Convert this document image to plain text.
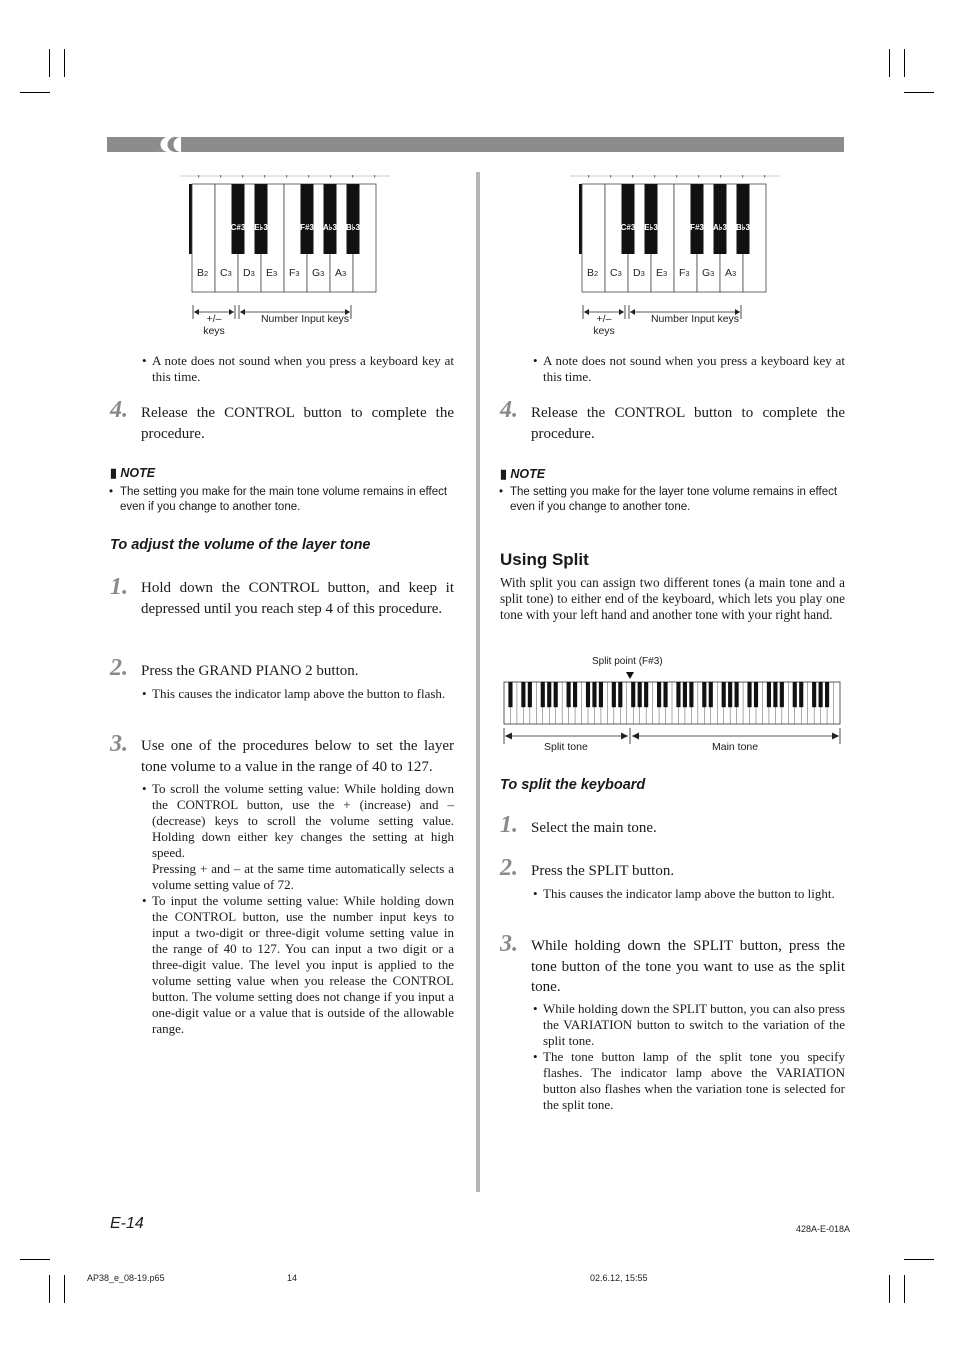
B2 C3 D3 E3 F3 G3 A3
C#3 E♭3	F#3 A♭3 B♭3
+/–
keys
Number Input keys
• A note does not sound when you press a keyboard key at this time.
4. Release the CONTROL button to complete the procedure.
▮ NOTE
• The setting you make for the main tone volume remains in effect even if you change to another tone.
To adjust the volume of the layer tone
1. Hold down the CONTROL button, and keep it depressed until you reach step 4 of this procedure.
2. Press the GRAND PIANO 2 button.
• This causes the indicator lamp above the button to flash.
3. Use one of the procedures below to set the layer tone volume to a value in the range of 40 to 127.
• To scroll the volume setting value: While holding down the CONTROL button, use the + (increase) and – (decrease) keys to scroll the volume setting value. Holding down either key changes the setting at high speed.
Pressing + and – at the same time automatically selects a volume setting value of 72.
• To input the volume setting value: While holding down the CONTROL button, use the number input keys to input a two-digit or three-digit volume setting value in the range of 40 to 127. You can input a two digit or a three-digit value. The level you input is applied to the volume setting value when you release the CONTROL button. The volume setting does not change if you input a one-digit value or a value that is outside of the allowable range.
B2 C3 D3 E3 F3 G3 A3
C#3 E♭3	F#3 A♭3 B♭3
+/–
keys
Number Input keys
• A note does not sound when you press a keyboard key at this time.
4. Release the CONTROL button to complete the procedure.
▮ NOTE
• The setting you make for the layer tone volume remains in effect even if you change to another tone.
Using Split
With split you can assign two different tones (a main tone and a split tone) to either end of the keyboard, which lets you play one tone with your left hand and another tone with your right hand.
Split point (F#3)
Split tone	Main tone
To split the keyboard
1. Select the main tone.
2. Press the SPLIT button.
• This causes the indicator lamp above the button to light.
3. While holding down the SPLIT button, press the tone button of the tone you want to use as the split tone.
• While holding down the SPLIT button, you can also press the VARIATION button to switch to the variation of the split tone.
• The tone button lamp of the split tone you specify flashes. The indicator lamp above the VARIATION button also flashes when the variation tone is selected for the split tone.
E-14	428A-E-018A
AP38_e_08-19.p65	14	02.6.12, 15:55
